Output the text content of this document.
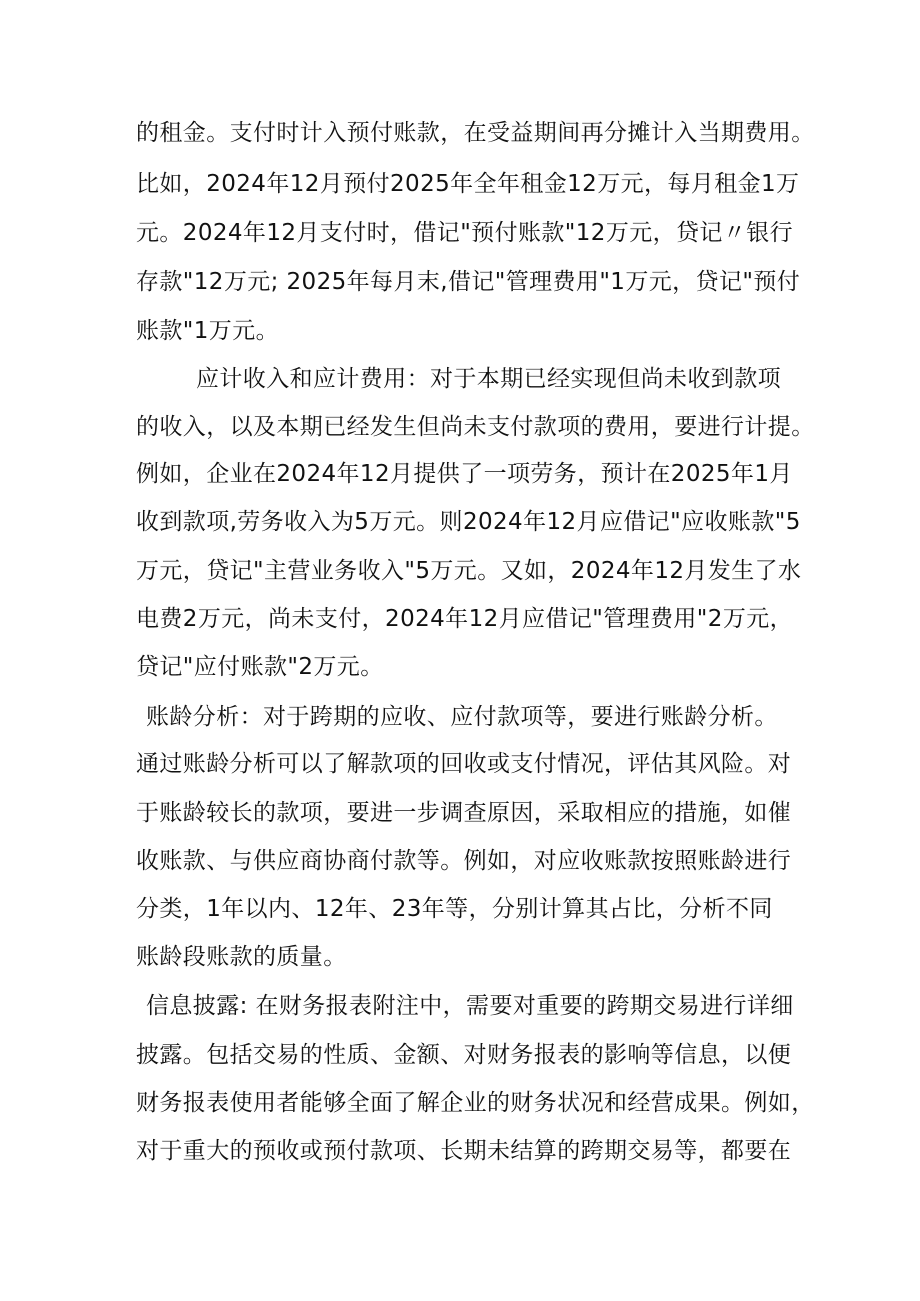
的租金。支付时计入预付账款，在受益期间再分摊计入当期费用。
比如，2024年12月预付2025年全年租金12万元，每月租金1万
元。2024年12月支付时，借记"预付账款"12万元，贷记〃银行
存款"12万元; 2025年每月末,借记"管理费用"1万元，贷记"预付
账款"1万元。
应计收入和应计费用：对于本期已经实现但尚未收到款项
的收入，以及本期已经发生但尚未支付款项的费用，要进行计提。
例如，企业在2024年12月提供了一项劳务，预计在2025年1月
收到款项,劳务收入为5万元。则2024年12月应借记"应收账款"5
万元，贷记"主营业务收入"5万元。又如，2024年12月发生了水
电费2万元，尚未支付，2024年12月应借记"管理费用"2万元，
贷记"应付账款"2万元。
账龄分析：对于跨期的应收、应付款项等，要进行账龄分析。
通过账龄分析可以了解款项的回收或支付情况，评估其风险。对
于账龄较长的款项，要进一步调查原因，采取相应的措施，如催
收账款、与供应商协商付款等。例如，对应收账款按照账龄进行
分类，1年以内、12年、23年等，分别计算其占比，分析不同
账龄段账款的质量。
信息披露: 在财务报表附注中，需要对重要的跨期交易进行详细
披露。包括交易的性质、金额、对财务报表的影响等信息，以便
财务报表使用者能够全面了解企业的财务状况和经营成果。例如，
对于重大的预收或预付款项、长期未结算的跨期交易等，都要在
